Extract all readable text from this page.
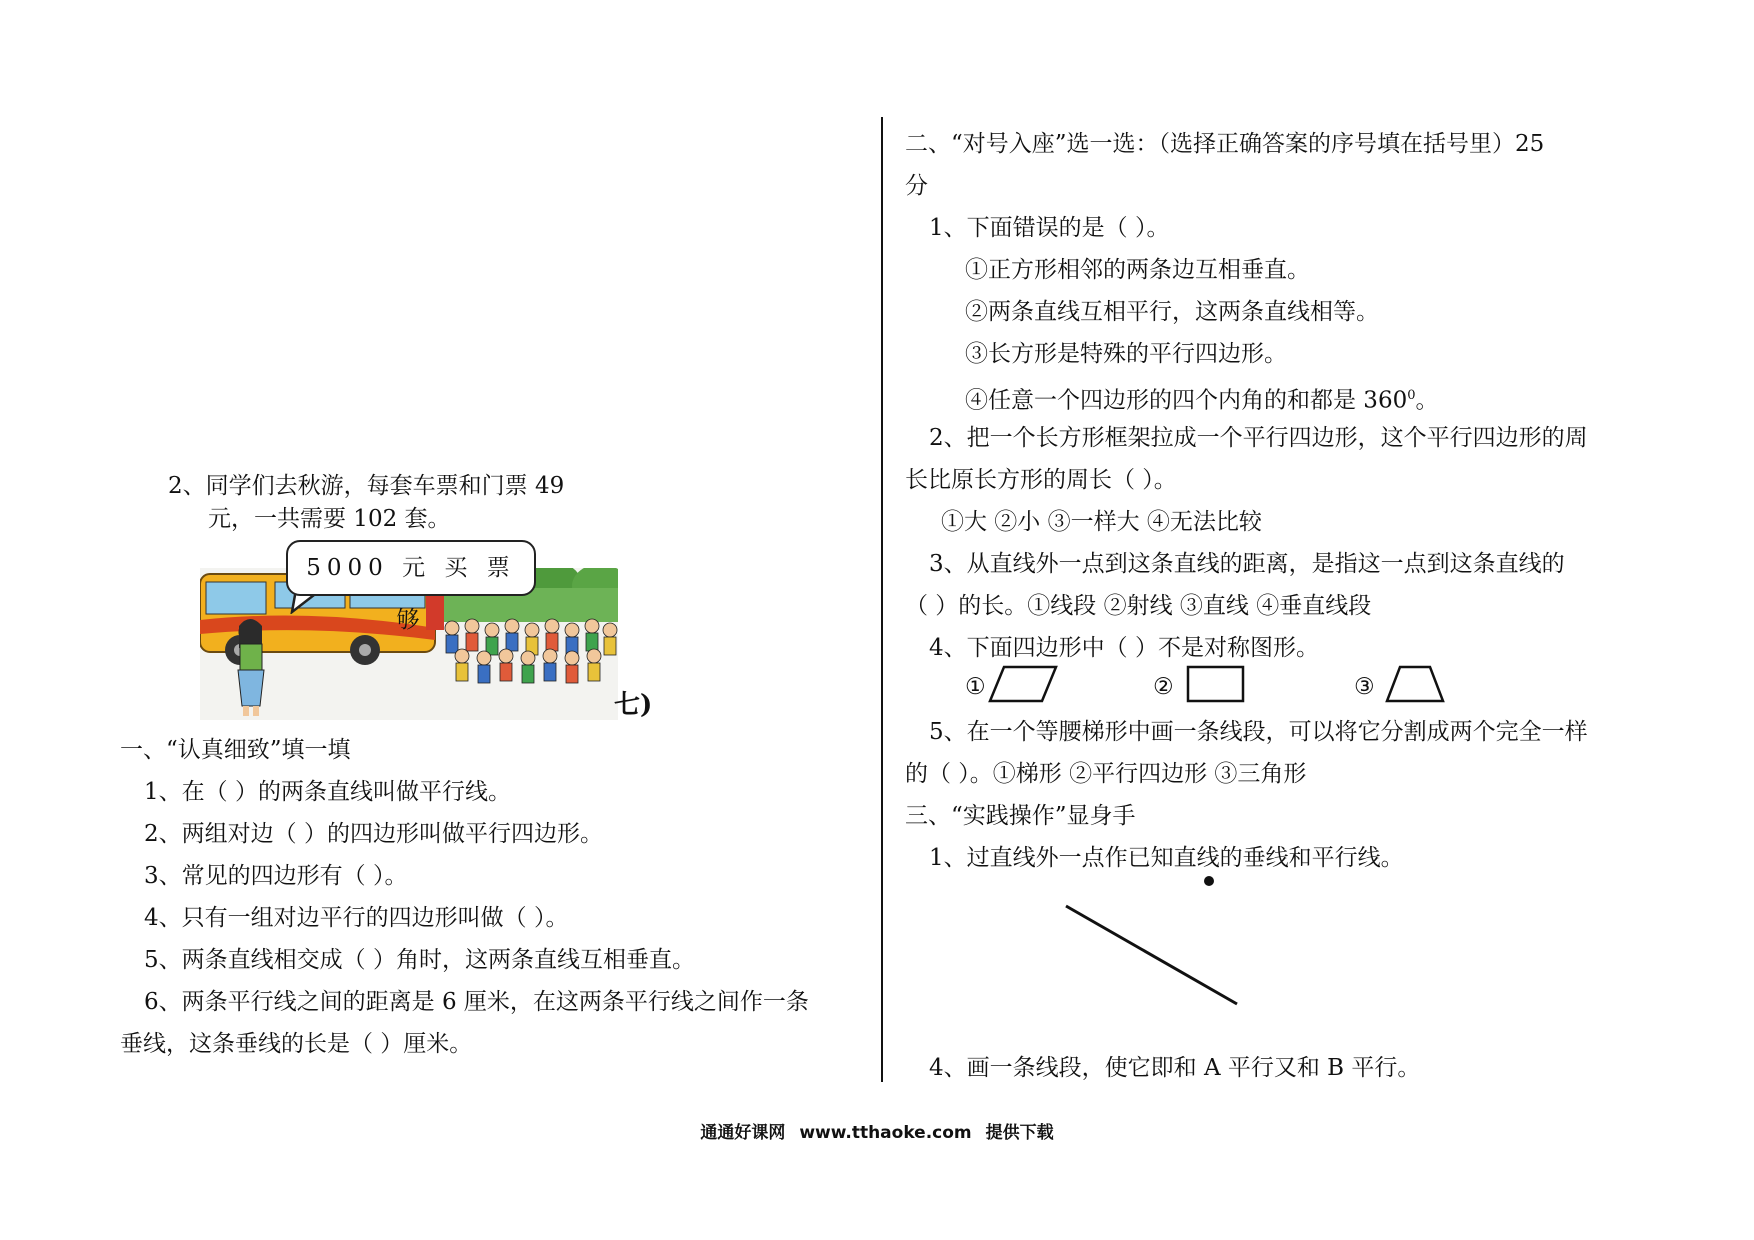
2、同学们去秋游，每套车票和门票 49
元，一共需要 102 套。
5000 元 买 票 够
七)
一、“认真细致”填一填
1、在（ ）的两条直线叫做平行线。
2、两组对边（ ）的四边形叫做平行四边形。
3、常见的四边形有（ ）。
4、只有一组对边平行的四边形叫做（ ）。
5、两条直线相交成（ ）角时，这两条直线互相垂直。
6、两条平行线之间的距离是 6 厘米，在这两条平行线之间作一条
垂线，这条垂线的长是（ ）厘米。
二、“对号入座”选一选：（选择正确答案的序号填在括号里）25
分
1、下面错误的是（ ）。
①正方形相邻的两条边互相垂直。
②两条直线互相平行，这两条直线相等。
③长方形是特殊的平行四边形。
④任意一个四边形的四个内角的和都是 $360^0$。
2、把一个长方形框架拉成一个平行四边形，这个平行四边形的周
长比原长方形的周长（ ）。
①大 ②小 ③一样大 ④无法比较
3、从直线外一点到这条直线的距离，是指这一点到这条直线的
（ ）的长。①线段 ②射线 ③直线 ④垂直线段
4、下面四边形中（ ）不是对称图形。
①	②	③
5、在一个等腰梯形中画一条线段，可以将它分割成两个完全一样
的（ ）。①梯形 ②平行四边形 ③三角形
三、“实践操作”显身手
1、过直线外一点作已知直线的垂线和平行线。
4、画一条线段，使它即和 A 平行又和 B 平行。
通通好课网 www.tthaoke.com 提供下载
